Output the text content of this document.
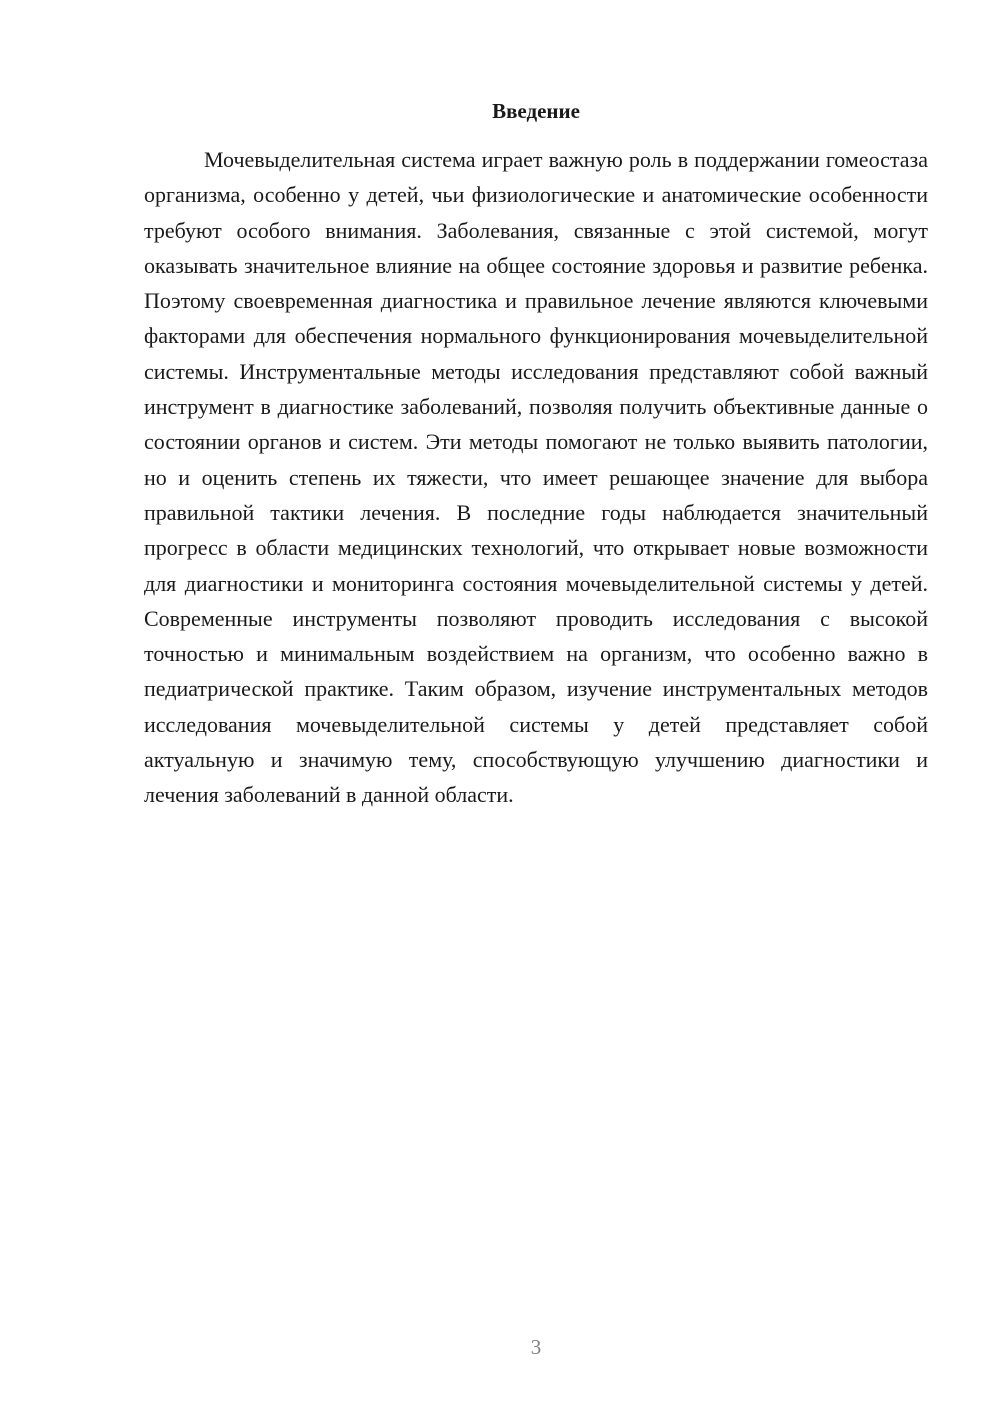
Введение

Мочевыделительная система играет важную роль в поддержании гомеостаза организма, особенно у детей, чьи физиологические и анатомические особенности требуют особого внимания. Заболевания, связанные с этой системой, могут оказывать значительное влияние на общее состояние здоровья и развитие ребенка. Поэтому своевременная диагностика и правильное лечение являются ключевыми факторами для обеспечения нормального функционирования мочевыделительной системы. Инструментальные методы исследования представляют собой важный инструмент в диагностике заболеваний, позволяя получить объективные данные о состоянии органов и систем. Эти методы помогают не только выявить патологии, но и оценить степень их тяжести, что имеет решающее значение для выбора правильной тактики лечения. В последние годы наблюдается значительный прогресс в области медицинских технологий, что открывает новые возможности для диагностики и мониторинга состояния мочевыделительной системы у детей. Современные инструменты позволяют проводить исследования с высокой точностью и минимальным воздействием на организм, что особенно важно в педиатрической практике. Таким образом, изучение инструментальных методов исследования мочевыделительной системы у детей представляет собой актуальную и значимую тему, способствующую улучшению диагностики и лечения заболеваний в данной области.

3
